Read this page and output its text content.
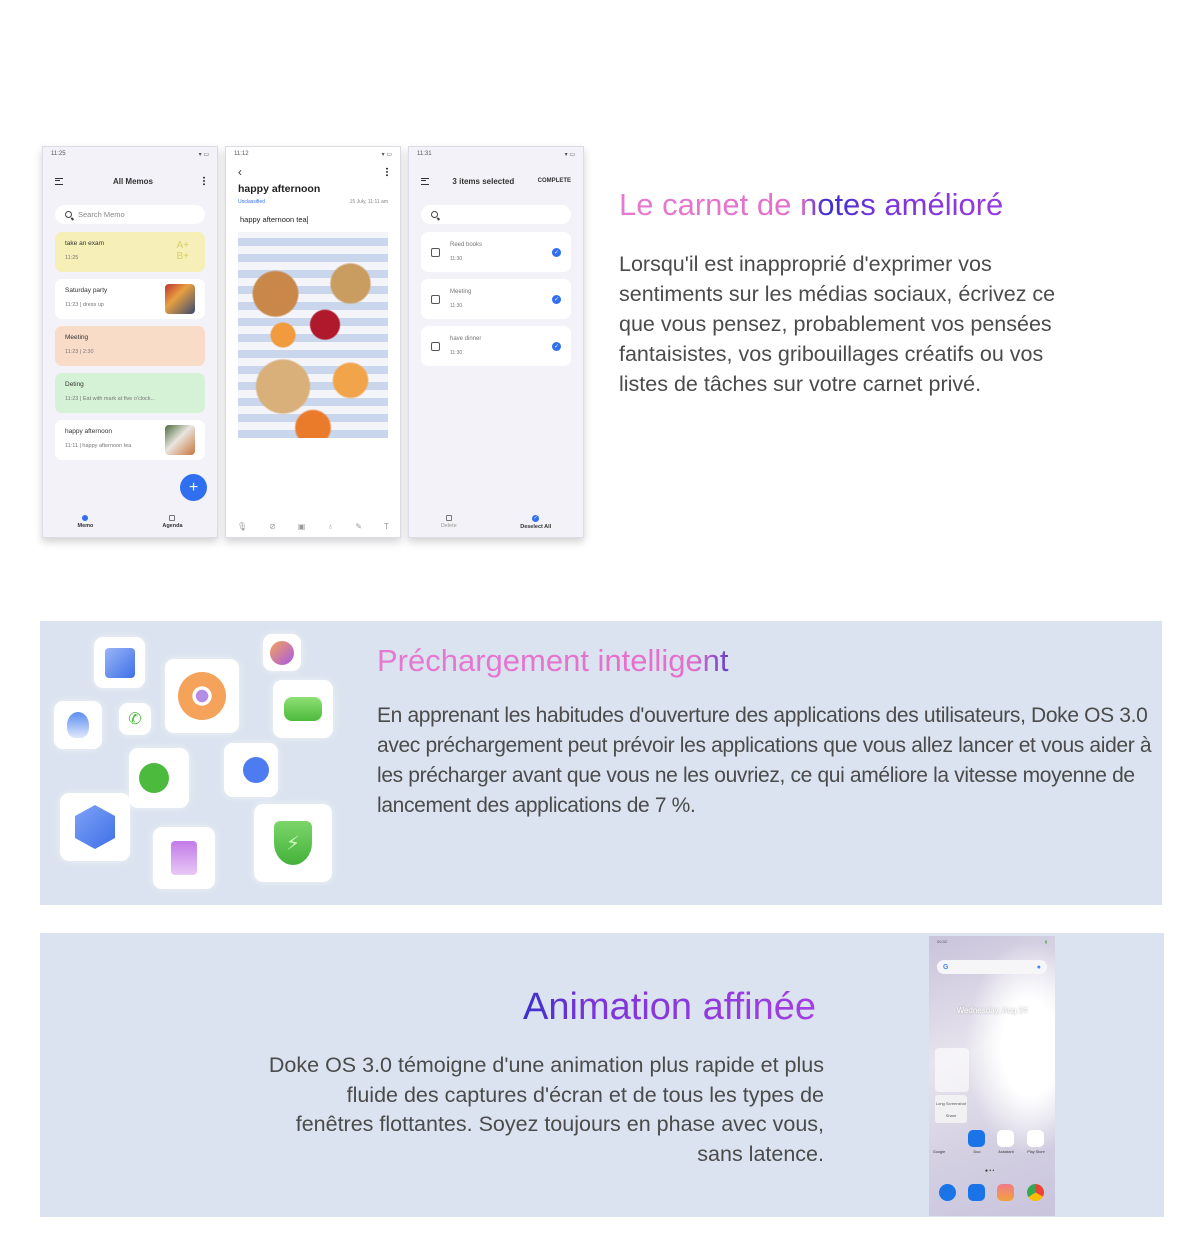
11:25	▾ ▭
All Memos
Search Memo
take an exam
11:25
A+
B+
Saturday party
11:23 | dress up
Meeting
11:23 | 2:30
Deting
11:23 | Eat with mark at five o'clock...
happy afternoon
11:11 | happy afternoon tea
+
Memo	Agenda
11:12	▾ ▭
‹
happy afternoon
Unclassified	15 July, 11:11 am
happy afternoon tea
🎙	⊘	▣	♁	✎	T
11:31	▾ ▭
3 items selected	COMPLETE
Reed books
11:30
✓
Meeting
11:30
✓
have dinner
11:30
✓
Delete
✓
Deselect All
Le carnet de notes amélioré
Lorsqu'il est inapproprié d'exprimer vos sentiments sur les médias sociaux, écrivez ce que vous pensez, probablement vos pensées fantaisistes, vos gribouillages créatifs ou vos listes de tâches sur votre carnet privé.
✆
⚡
Préchargement intelligent
En apprenant les habitudes d'ouverture des applications des utilisateurs, Doke OS 3.0 avec préchargement peut prévoir les applications que vous allez lancer et vous aider à les précharger avant que vous ne les ouvriez, ce qui améliore la vitesse moyenne de lancement des applications de 7 %.
Animation affinée
Doke OS 3.0 témoigne d'une animation plus rapide et plus fluide des captures d'écran et de tous les types de fenêtres flottantes. Soyez toujours en phase avec vous, sans latence.
00:32	▮
G	●
Wednesday, Aug 24
Long Screenshot
Share
Google	Duo	Assistant	Play Store
● • •
